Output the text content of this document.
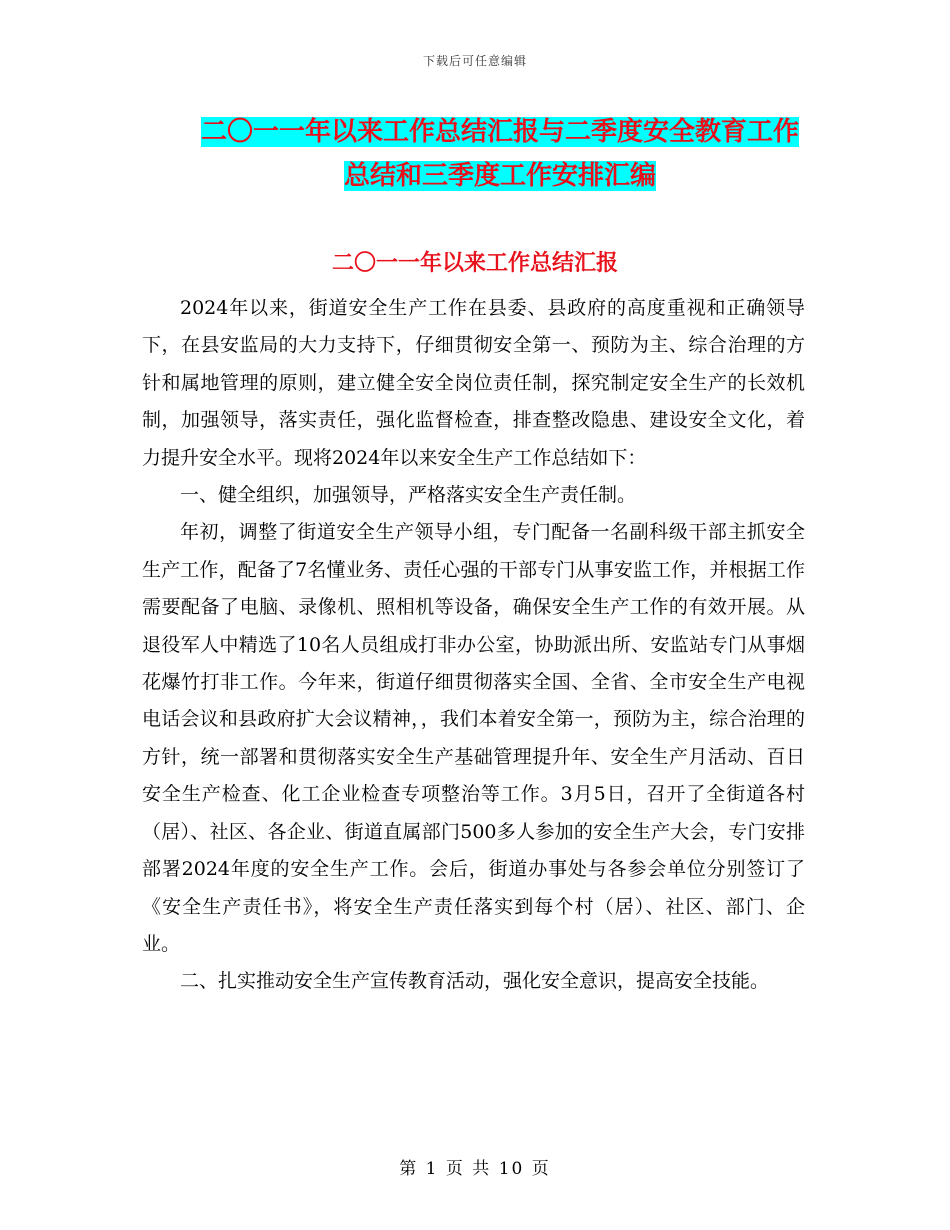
下载后可任意编辑
二〇一一年以来工作总结汇报与二季度安全教育工作
总结和三季度工作安排汇编
二〇一一年以来工作总结汇报

2024年以来，街道安全生产工作在县委、县政府的高度重视和正确领导下，在县安监局的大力支持下，仔细贯彻安全第一、预防为主、综合治理的方针和属地管理的原则，建立健全安全岗位责任制，探究制定安全生产的长效机制，加强领导，落实责任，强化监督检查，排查整改隐患、建设安全文化，着力提升安全水平。现将2024年以来安全生产工作总结如下：

一、健全组织，加强领导，严格落实安全生产责任制。

年初，调整了街道安全生产领导小组，专门配备一名副科级干部主抓安全生产工作，配备了7名懂业务、责任心强的干部专门从事安监工作，并根据工作需要配备了电脑、录像机、照相机等设备，确保安全生产工作的有效开展。从退役军人中精选了10名人员组成打非办公室，协助派出所、安监站专门从事烟花爆竹打非工作。今年来，街道仔细贯彻落实全国、全省、全市安全生产电视电话会议和县政府扩大会议精神，，我们本着安全第一，预防为主，综合治理的方针，统一部署和贯彻落实安全生产基础管理提升年、安全生产月活动、百日安全生产检查、化工企业检查专项整治等工作。3月5日，召开了全街道各村（居）、社区、各企业、街道直属部门500多人参加的安全生产大会，专门安排部署2024年度的安全生产工作。会后，街道办事处与各参会单位分别签订了《安全生产责任书》，将安全生产责任落实到每个村（居）、社区、部门、企业。

二、扎实推动安全生产宣传教育活动，强化安全意识，提高安全技能。

第 1 页 共 10 页
